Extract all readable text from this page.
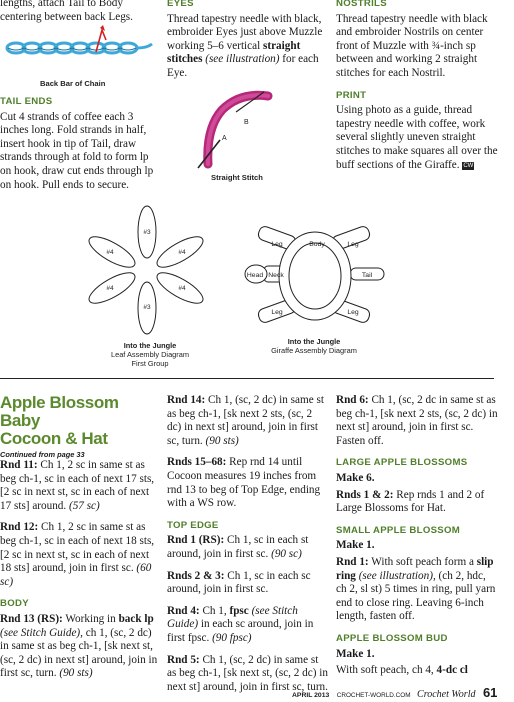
lengths, attach Tail to Body centering between back Legs.

Back Bar of Chain
TAIL ENDS

Cut 4 strands of coffee each 3 inches long. Fold strands in half, insert hook in tip of Tail, draw strands through at fold to form lp on hook, draw cut ends through lp on hook. Pull ends to secure.

EYES

Thread tapestry needle with black, embroider Eyes just above Muzzle working 5–6 vertical straight stitches (see illustration) for each Eye.

A
B
Straight Stitch
NOSTRILS

Thread tapestry needle with black and embroider Nostrils on center front of Muzzle with ¾-inch sp between and working 2 straight stitches for each Nostril.

PRINT

Using photo as a guide, thread tapestry needle with coffee, work several slightly uneven straight stitches to make squares all over the buff sections of the Giraffe. CW

#3
#4	#4
#4	#4
#3
Into the Jungle
Leaf Assembly Diagram
First Group
Body
Leg	Leg
Leg	Leg
Tail
Neck
Head
Into the Jungle
Giraffe Assembly Diagram
Apple Blossom Baby
Cocoon & Hat
Continued from page 33

Rnd 11: Ch 1, 2 sc in same st as beg ch-1, sc in each of next 17 sts, [2 sc in next st, sc in each of next 17 sts] around. (57 sc)

Rnd 12: Ch 1, 2 sc in same st as beg ch-1, sc in each of next 18 sts, [2 sc in next st, sc in each of next 18 sts] around, join in first sc. (60 sc)

BODY

Rnd 13 (RS): Working in back lp (see Stitch Guide), ch 1, (sc, 2 dc) in same st as beg ch-1, [sk next st, (sc, 2 dc) in next st] around, join in first sc, turn. (90 sts)

Rnd 14: Ch 1, (sc, 2 dc) in same st as beg ch-1, [sk next 2 sts, (sc, 2 dc) in next st] around, join in first sc, turn. (90 sts)

Rnds 15–68: Rep rnd 14 until Cocoon measures 19 inches from rnd 13 to beg of Top Edge, ending with a WS row.

TOP EDGE

Rnd 1 (RS): Ch 1, sc in each st around, join in first sc. (90 sc)

Rnds 2 & 3: Ch 1, sc in each sc around, join in first sc.

Rnd 4: Ch 1, fpsc (see Stitch Guide) in each sc around, join in first fpsc. (90 fpsc)

Rnd 5: Ch 1, (sc, 2 dc) in same st as beg ch-1, [sk next st, (sc, 2 dc) in next st] around, join in first sc, turn.

Rnd 6: Ch 1, (sc, 2 dc in same st as beg ch-1, [sk next 2 sts, (sc, 2 dc) in next st] around, join in first sc. Fasten off.

LARGE APPLE BLOSSOMS

Make 6.

Rnds 1 & 2: Rep rnds 1 and 2 of Large Blossoms for Hat.

SMALL APPLE BLOSSOM

Make 1.

Rnd 1: With soft peach form a slip ring (see illustration), (ch 2, hdc, ch 2, sl st) 5 times in ring, pull yarn end to close ring. Leaving 6-inch length, fasten off.

APPLE BLOSSOM BUD

Make 1.

With soft peach, ch 4, 4-dc cl

APRIL 2013 CROCHET-WORLD.COM Crochet World 61
